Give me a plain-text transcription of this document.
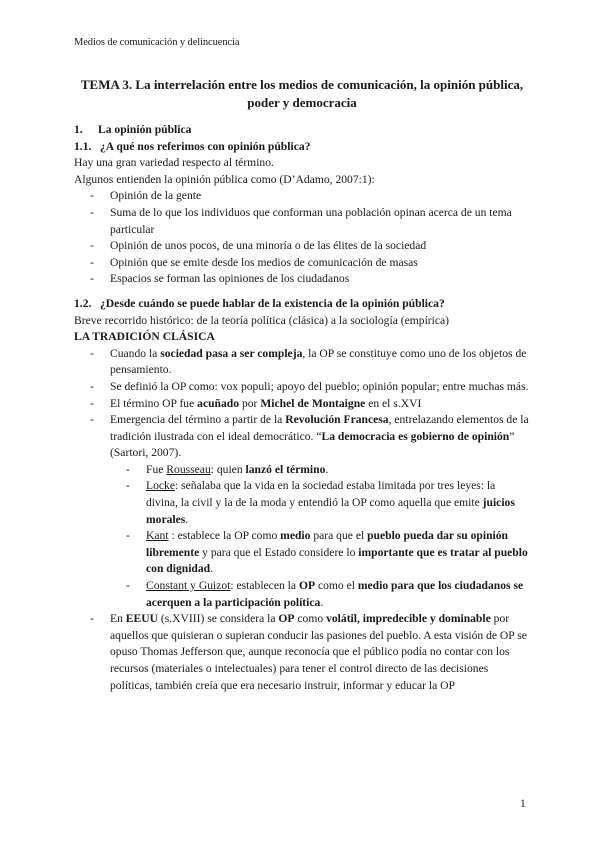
Medios de comunicación y delincuencia
TEMA 3. La interrelación entre los medios de comunicación, la opinión pública,
poder y democracia

1. La opinión pública

1.1. ¿A qué nos referimos con opinión pública?

Hay una gran variedad respecto al término.

Algunos entienden la opinión pública como (D’Adamo, 2007:1):

- Opinión de la gente
- Suma de lo que los individuos que conforman una población opinan acerca de un tema particular
- Opinión de unos pocos, de una minoría o de las élites de la sociedad
- Opinión que se emite desde los medios de comunicación de masas
- Espacios se forman las opiniones de los ciudadanos

1.2. ¿Desde cuándo se puede hablar de la existencia de la opinión pública?

Breve recorrido histórico: de la teoría política (clásica) a la sociología (empírica)

LA TRADICIÓN CLÁSICA

- Cuando la sociedad pasa a ser compleja, la OP se constituye como uno de los objetos de pensamiento.
- Se definió la OP como: vox populi; apoyo del pueblo; opinión popular; entre muchas más.
- El término OP fue acuñado por Michel de Montaigne en el s.XVI
- Emergencia del término a partir de la Revolución Francesa, entrelazando elementos de la tradición ilustrada con el ideal democrático. “La democracia es gobierno de opinión” (Sartori, 2007).
- Fue Rousseau: quien lanzó el término.
- Locke: señalaba que la vida en la sociedad estaba limitada por tres leyes: la divina, la civil y la de la moda y entendió la OP como aquella que emite juicios morales.
- Kant : establece la OP como medio para que el pueblo pueda dar su opinión libremente y para que el Estado considere lo importante que es tratar al pueblo con dignidad.
- Constant y Guizot: establecen la OP como el medio para que los ciudadanos se acerquen a la participación política.
- En EEUU (s.XVIII) se considera la OP como volátil, impredecible y dominable por aquellos que quisieran o supieran conducir las pasiones del pueblo. A esta visión de OP se opuso Thomas Jefferson que, aunque reconocía que el público podía no contar con los recursos (materiales o intelectuales) para tener el control directo de las decisiones políticas, también creía que era necesario instruir, informar y educar la OP
1
